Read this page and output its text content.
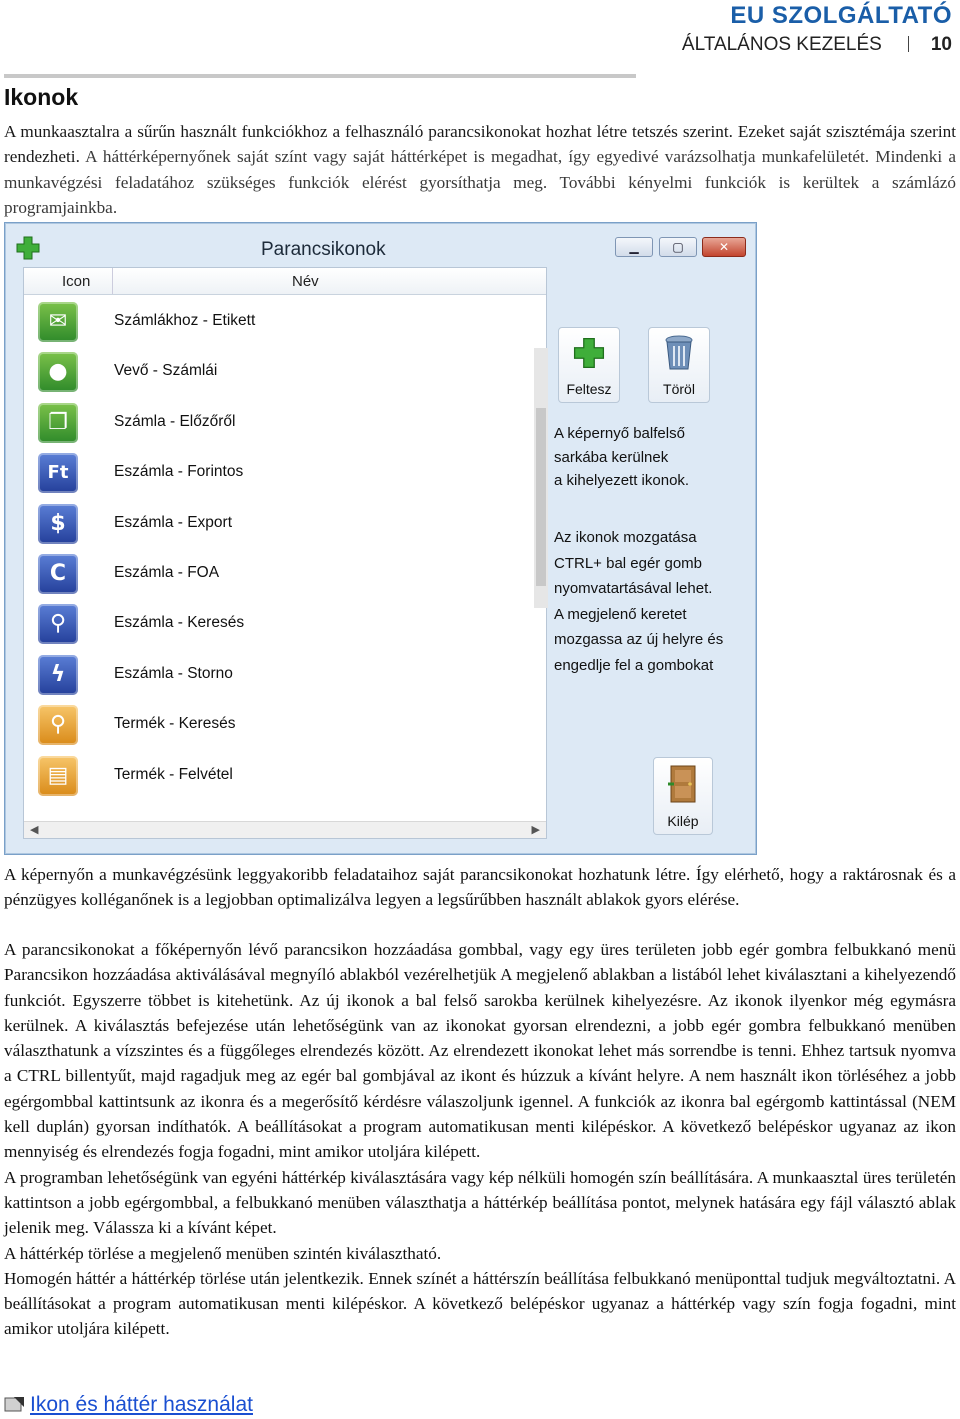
EU SZOLGÁLTATÓ
ÁLTALÁNOS KEZELÉS	10
Ikonok

A munkaasztalra a sűrűn használt funkciókhoz a felhasználó parancsikonokat hozhat létre tetszés szerint. Ezeket saját szisztémája szerint rendezheti. A háttérképernyőnek saját színt vagy saját háttérképet is megadhat, így egyedivé varázsolhatja munkafelületét. Mindenki a munkavégzési feladatához szükséges funkciók elérést gyorsíthatja meg. További kényelmi funkciók is kerültek a számlázó programjainkba.

Parancsikonok	▁	▢	✕
Icon	Név
✉	Számlákhoz - Etikett
●	Vevő - Számlái
❐	Számla - Előzőről
Ft	Eszámla - Forintos
$	Eszámla - Export
C	Eszámla - FOA
⚲	Eszámla - Keresés
ϟ	Eszámla - Storno
⚲	Termék - Keresés
▤	Termék - Felvétel
◀	▶
Feltesz	Töröl
A képernyő balfelső
sarkába kerülnek
a kihelyezett ikonok.
Az ikonok mozgatása
CTRL+ bal egér gomb
nyomvatartásával lehet.
A megjelenő keretet
mozgassa az új helyre és
engedlje fel a gombokat
Kilép

A képernyőn a munkavégzésünk leggyakoribb feladataihoz saját parancsikonokat hozhatunk létre. Így elérhető, hogy a raktárosnak és a pénzügyes kolléganőnek is a legjobban optimalizálva legyen a legsűrűbben használt ablakok gyors elérése.

A parancsikonokat a főképernyőn lévő parancsikon hozzáadása gombbal, vagy egy üres területen jobb egér gombra felbukkanó menü Parancsikon hozzáadása aktiválásával megnyíló ablakból vezérelhetjük A megjelenő ablakban a listából lehet kiválasztani a kihelyezendő funkciót. Egyszerre többet is kitehetünk. Az új ikonok a bal felső sarokba kerülnek kihelyezésre. Az ikonok ilyenkor még egymásra kerülnek. A kiválasztás befejezése után lehetőségünk van az ikonokat gyorsan elrendezni, a jobb egér gombra felbukkanó menüben választhatunk a vízszintes és a függőleges elrendezés között. Az elrendezett ikonokat lehet más sorrendbe is tenni. Ehhez tartsuk nyomva a CTRL billentyűt, majd ragadjuk meg az egér bal gombjával az ikont és húzzuk a kívánt helyre. A nem használt ikon törléséhez a jobb egérgombbal kattintsunk az ikonra és a megerősítő kérdésre válaszoljunk igennel. A funkciók az ikonra bal egérgomb kattintással (NEM kell duplán) gyorsan indíthatók. A beállításokat a program automatikusan menti kilépéskor. A következő belépéskor ugyanaz az ikon mennyiség és elrendezés fogja fogadni, mint amikor utoljára kilépett.
A programban lehetőségünk van egyéni háttérkép kiválasztására vagy kép nélküli homogén szín beállítására. A munkaasztal üres területén kattintson a jobb egérgombbal, a felbukkanó menüben választhatja a háttérkép beállítása pontot, melynek hatására egy fájl választó ablak jelenik meg. Válassza ki a kívánt képet.
A háttérkép törlése a megjelenő menüben szintén kiválasztható.
Homogén háttér a háttérkép törlése után jelentkezik. Ennek színét a háttérszín beállítása felbukkanó menüponttal tudjuk megváltoztatni. A beállításokat a program automatikusan menti kilépéskor. A következő belépéskor ugyanaz a háttérkép vagy szín fogja fogadni, mint amikor utoljára kilépett.
Ikon és háttér használat
